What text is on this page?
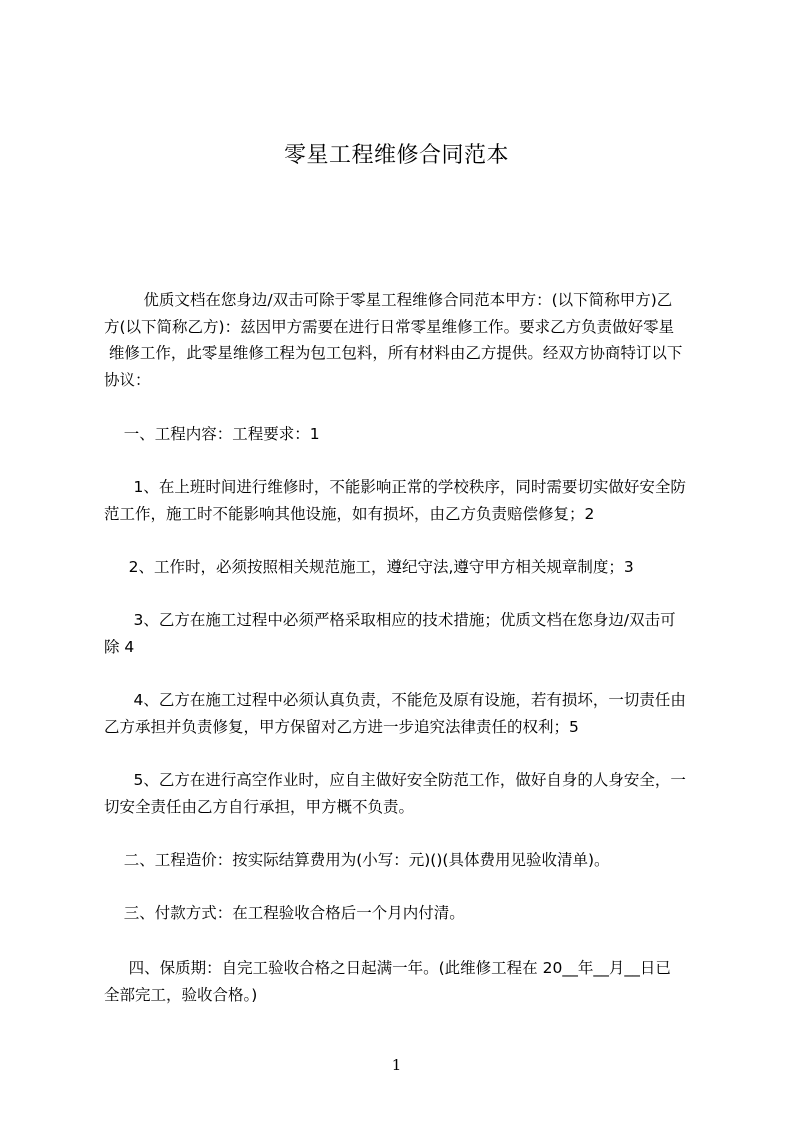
零星工程维修合同范本
优质文档在您身边/双击可除于零星工程维修合同范本甲方：(以下简称甲方)乙
方(以下简称乙方)：兹因甲方需要在进行日常零星维修工作。要求乙方负责做好零星
维修工作，此零星维修工程为包工包料，所有材料由乙方提供。经双方协商特订以下
协议：
一、工程内容：工程要求：1
1、在上班时间进行维修时，不能影响正常的学校秩序，同时需要切实做好安全防
范工作，施工时不能影响其他设施，如有损坏，由乙方负责赔偿修复；2
2、工作时，必须按照相关规范施工，遵纪守法,遵守甲方相关规章制度；3
3、乙方在施工过程中必须严格采取相应的技术措施；优质文档在您身边/双击可
除 4
4、乙方在施工过程中必须认真负责，不能危及原有设施，若有损坏，一切责任由
乙方承担并负责修复，甲方保留对乙方进一步追究法律责任的权利；5
5、乙方在进行高空作业时，应自主做好安全防范工作，做好自身的人身安全，一
切安全责任由乙方自行承担，甲方概不负责。
二、工程造价：按实际结算费用为(小写：元)()(具体费用见验收清单)。
三、付款方式：在工程验收合格后一个月内付清。
四、保质期：自完工验收合格之日起满一年。(此维修工程在 20__年__月__日已
全部完工，验收合格。)
1
